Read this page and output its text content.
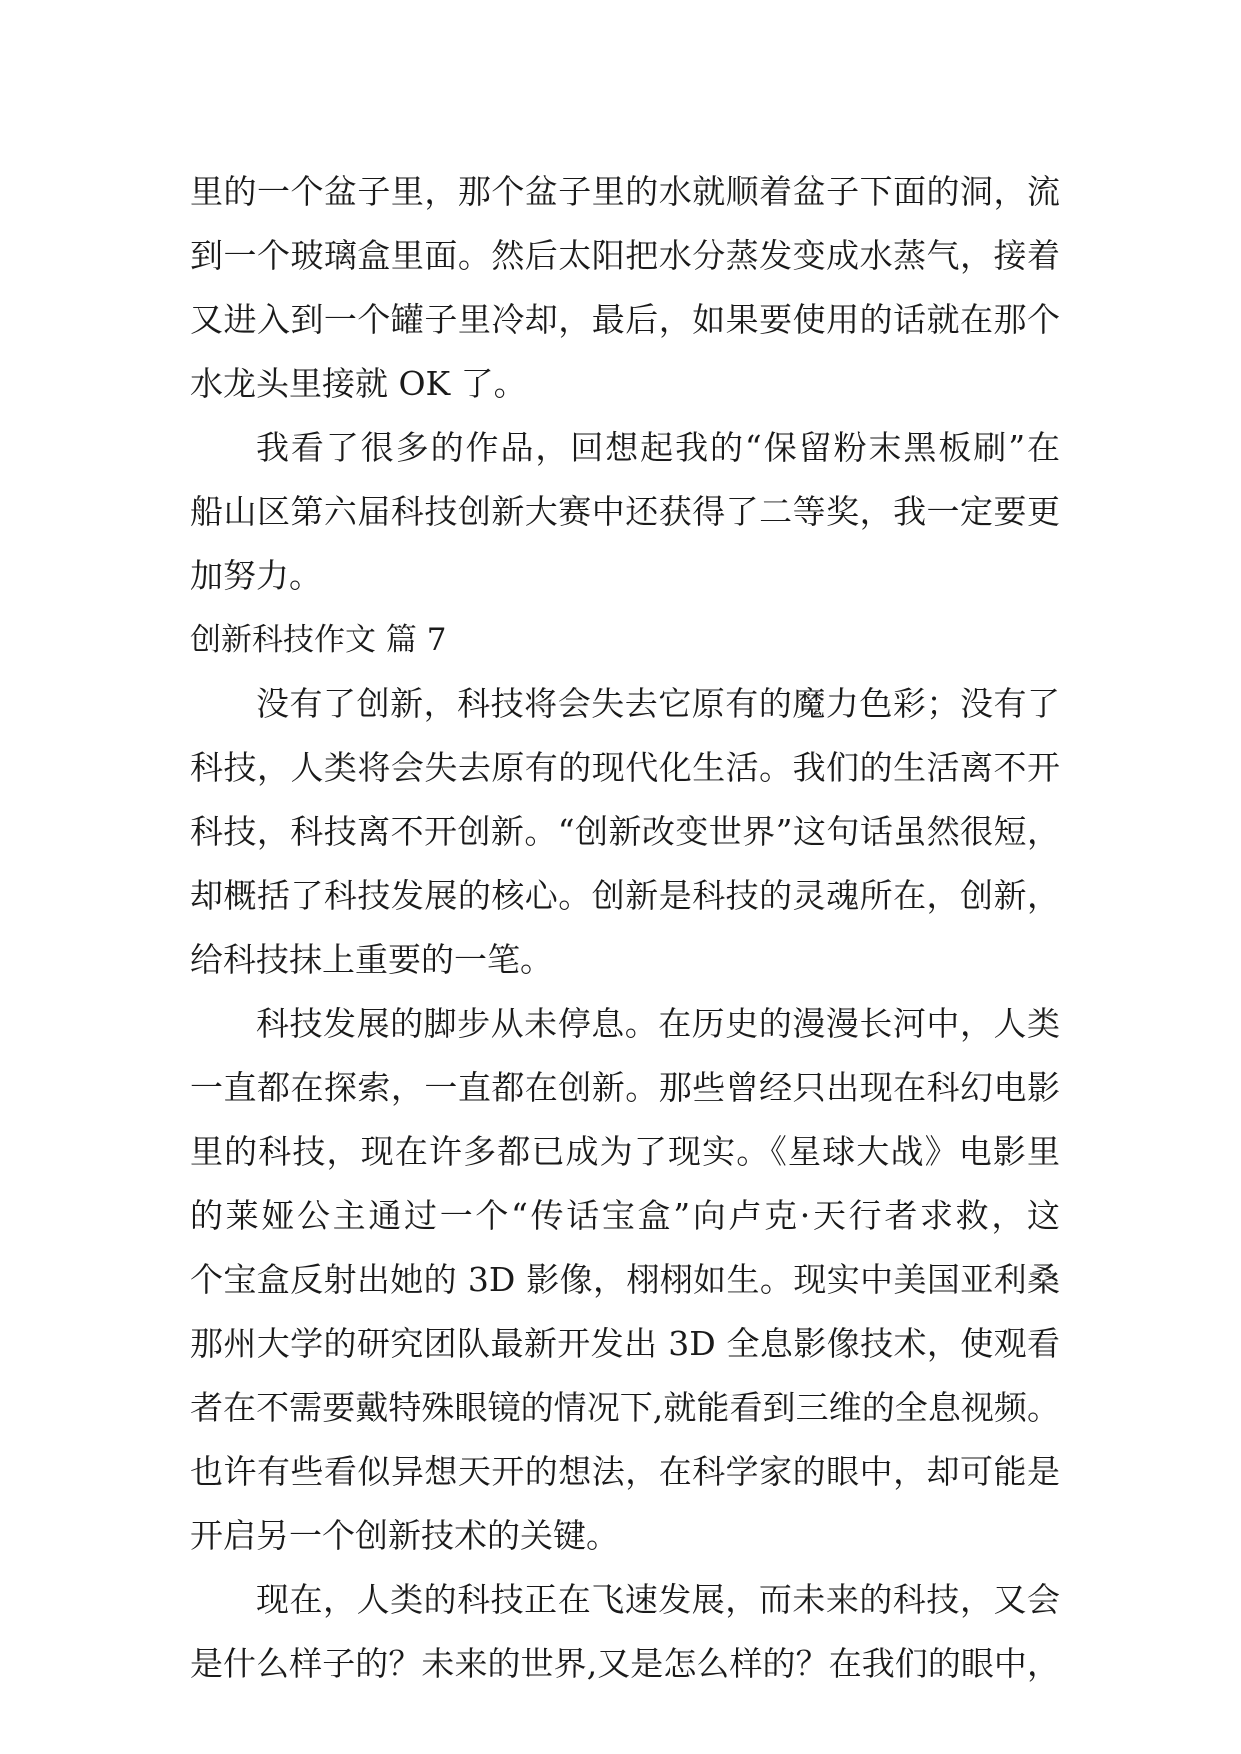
里的一个盆子里，那个盆子里的水就顺着盆子下面的洞，流
到一个玻璃盒里面。然后太阳把水分蒸发变成水蒸气，接着
又进入到一个罐子里冷却，最后，如果要使用的话就在那个
水龙头里接就 OK 了。
我看了很多的作品，回想起我的“保留粉末黑板刷”在
船山区第六届科技创新大赛中还获得了二等奖，我一定要更
加努力。
创新科技作文 篇 7
没有了创新，科技将会失去它原有的魔力色彩；没有了
科技，人类将会失去原有的现代化生活。我们的生活离不开
科技，科技离不开创新。“创新改变世界”这句话虽然很短，
却概括了科技发展的核心。创新是科技的灵魂所在，创新，
给科技抹上重要的一笔。
科技发展的脚步从未停息。在历史的漫漫长河中，人类
一直都在探索，一直都在创新。那些曾经只出现在科幻电影
里的科技，现在许多都已成为了现实。《星球大战》电影里
的莱娅公主通过一个“传话宝盒”向卢克·天行者求救，这
个宝盒反射出她的 3D 影像，栩栩如生。现实中美国亚利桑
那州大学的研究团队最新开发出 3D 全息影像技术，使观看
者在不需要戴特殊眼镜的情况下,就能看到三维的全息视频。
也许有些看似异想天开的想法，在科学家的眼中，却可能是
开启另一个创新技术的关键。
现在，人类的科技正在飞速发展，而未来的科技，又会
是什么样子的？未来的世界,又是怎么样的？在我们的眼中，
